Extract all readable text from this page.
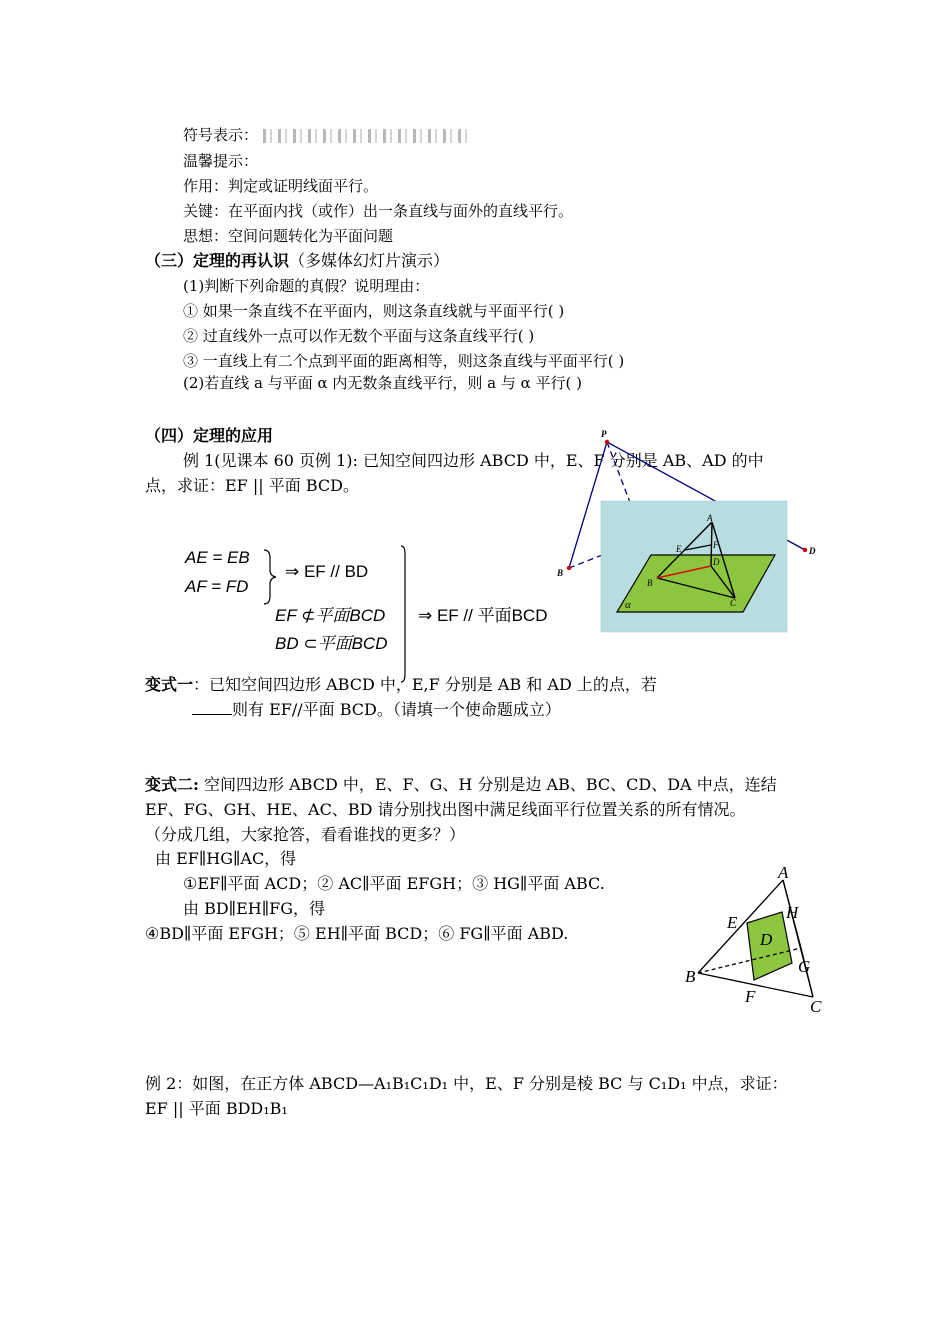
符号表示：
温馨提示：
作用：判定或证明线面平行。
关键：在平面内找（或作）出一条直线与面外的直线平行。
思想：空间问题转化为平面问题
（三）定理的再认识（多媒体幻灯片演示）
(1)判断下列命题的真假？说明理由：
① 如果一条直线不在平面内，则这条直线就与平面平行( )
② 过直线外一点可以作无数个平面与这条直线平行( )
③ 一直线上有二个点到平面的距离相等，则这条直线与平面平行( )
(2)若直线 a 与平面 α 内无数条直线平行，则 a 与 α 平行( )
（四）定理的应用
例 1(见课本 60 页例 1): 已知空间四边形 ABCD 中，E、F 分别是 AB、AD 的中
点，求证：EF || 平面 BCD。
AE = EB
AF = FD
⇒ EF // BD
EF ⊄平面BCD
BD ⊂平面BCD
⇒ EF // 平面BCD
P
B
D
A
E	F
D
B
C
α
变式一：已知空间四边形 ABCD 中，E,F 分别是 AB 和 AD 上的点，若
则有 EF//平面 BCD。（请填一个使命题成立）
变式二: 空间四边形 ABCD 中，E、F、G、H 分别是边 AB、BC、CD、DA 中点，连结
EF、FG、GH、HE、AC、BD 请分别找出图中满足线面平行位置关系的所有情况。
（分成几组，大家抢答，看看谁找的更多？）
由 EF∥HG∥AC，得
①EF∥平面 ACD；② AC∥平面 EFGH；③ HG∥平面 ABC.
由 BD∥EH∥FG，得
④BD∥平面 EFGH；⑤ EH∥平面 BCD；⑥ FG∥平面 ABD.
A
H
E
D
G
B
F
C
例 2：如图，在正方体 ABCD—A₁B₁C₁D₁ 中，E、F 分别是棱 BC 与 C₁D₁ 中点，求证：
EF || 平面 BDD₁B₁
